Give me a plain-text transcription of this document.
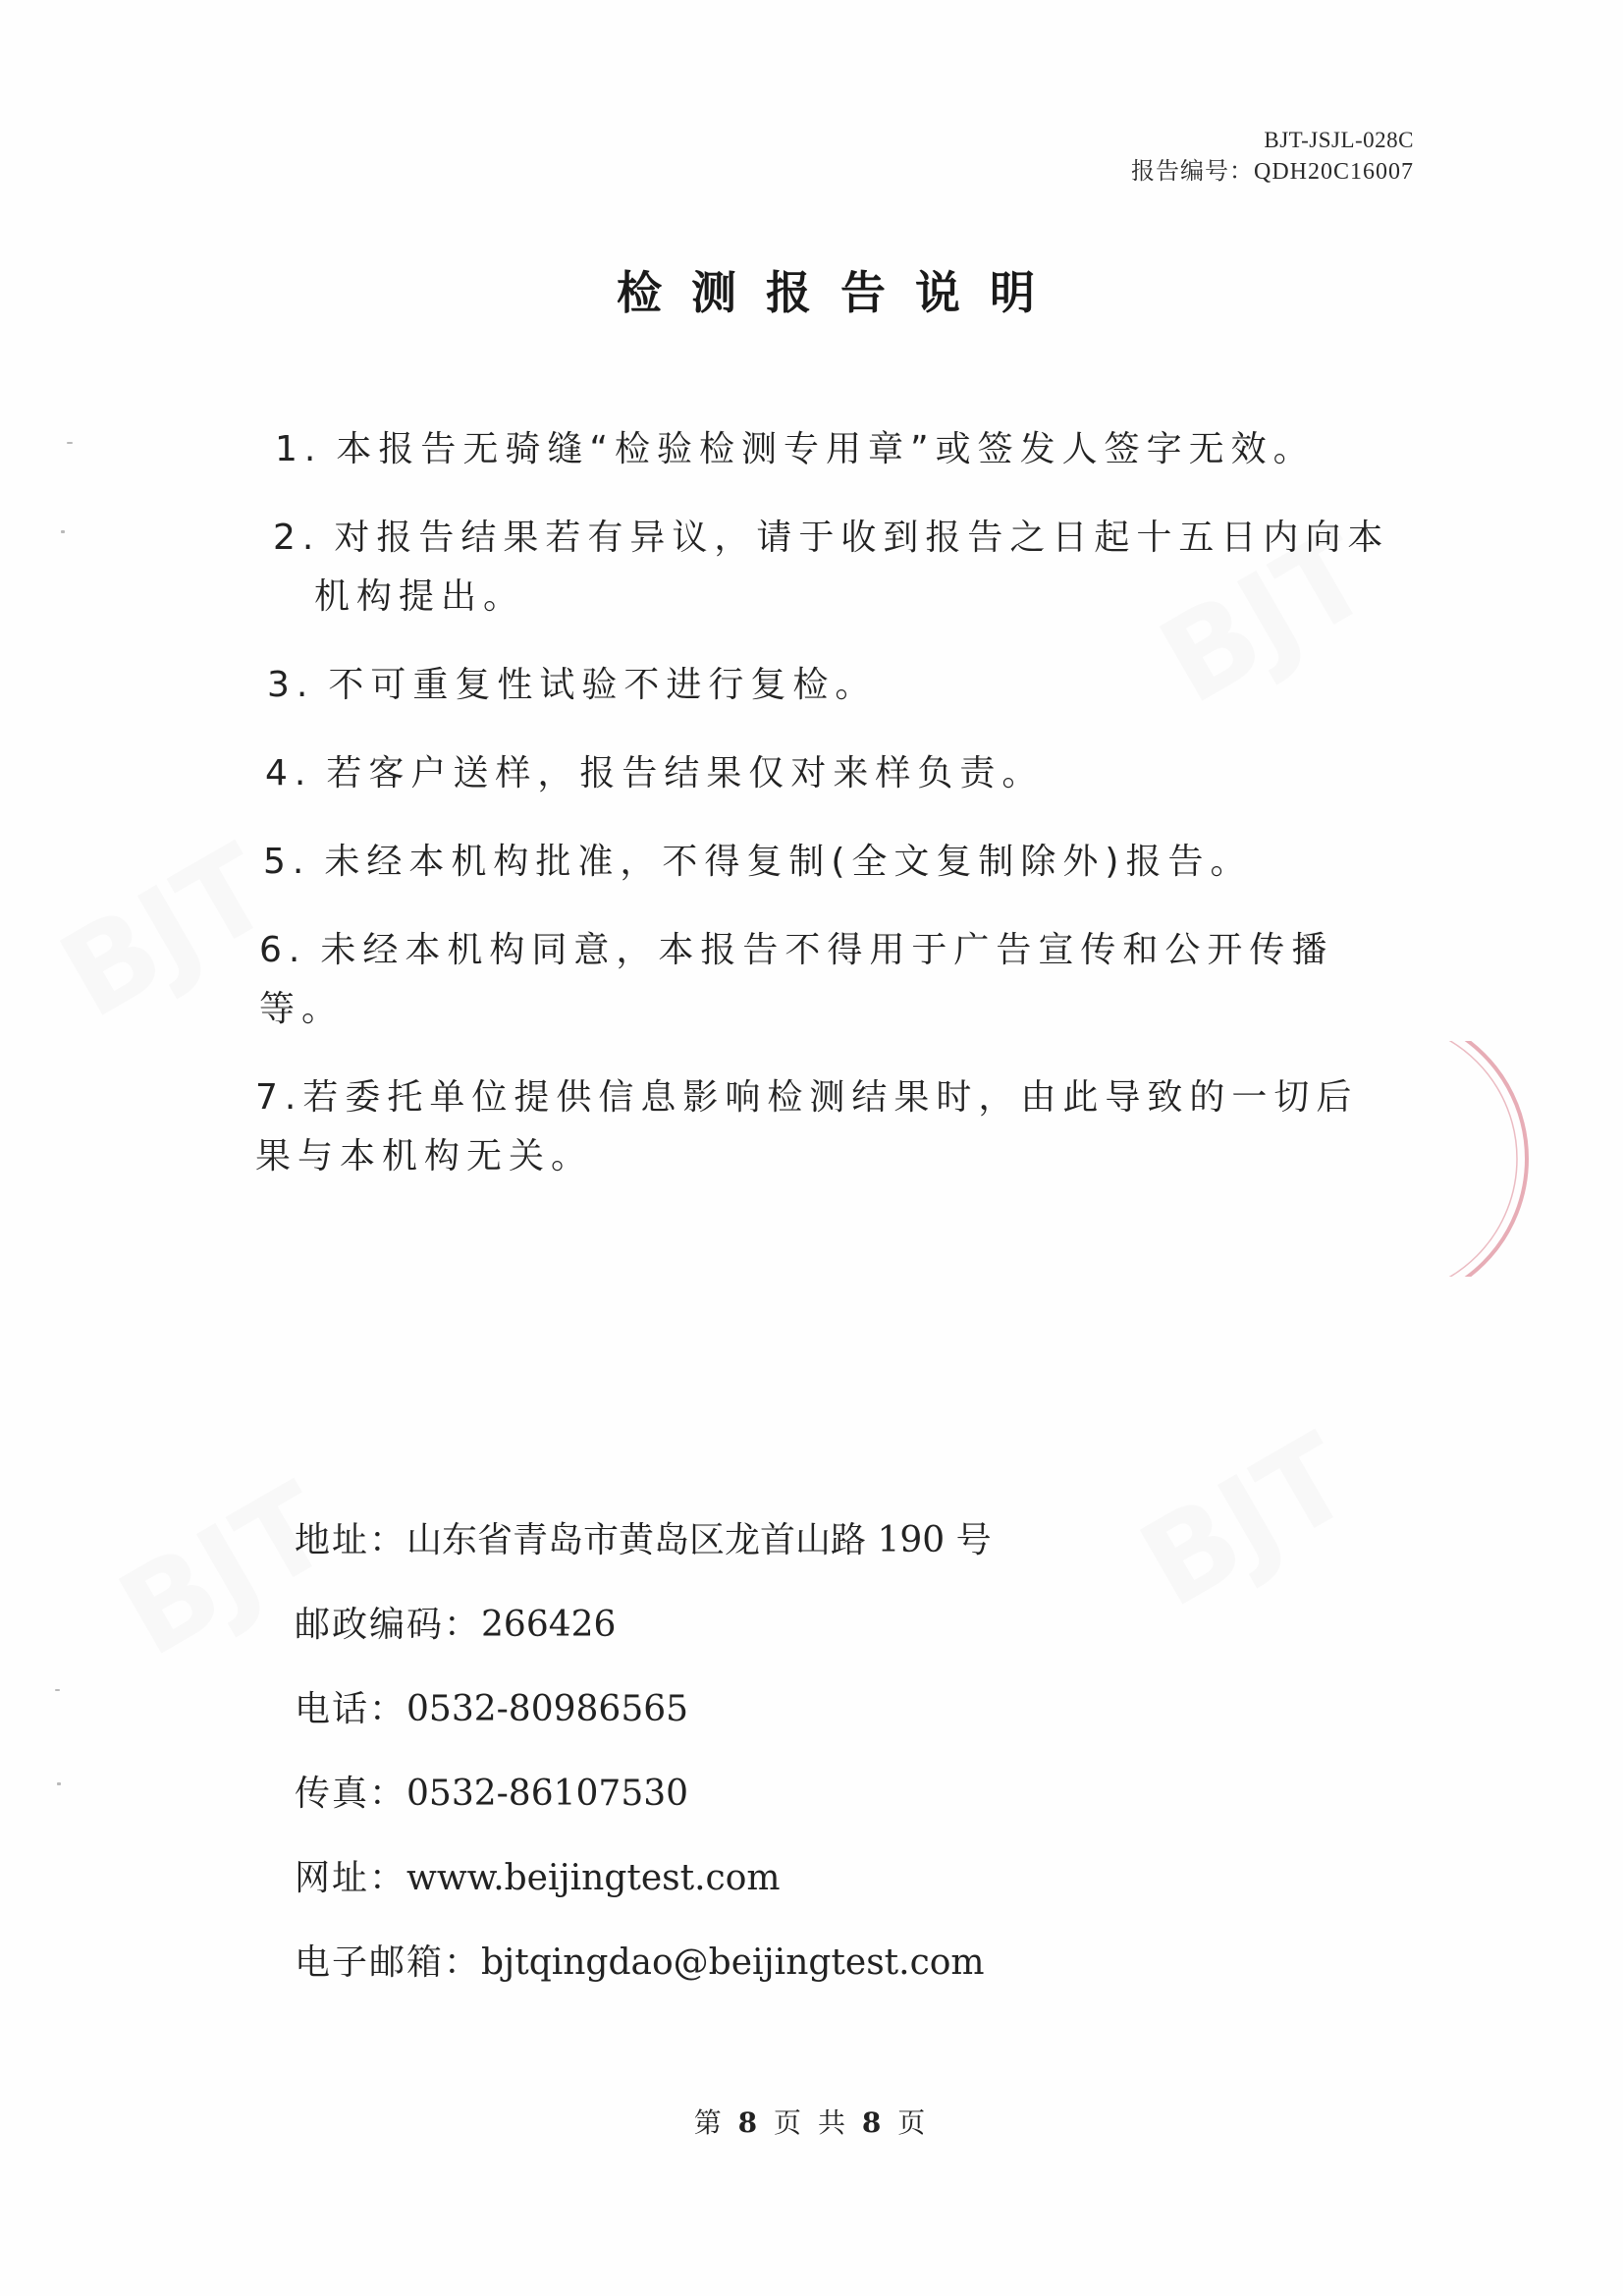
BJT-JSJL-028C
报告编号： QDH20C16007
检测报告说明
1. 本报告无骑缝“检验检测专用章”或签发人签字无效。
2. 对报告结果若有异议，请于收到报告之日起十五日内向本
机构提出。
3. 不可重复性试验不进行复检。
4. 若客户送样，报告结果仅对来样负责。
5. 未经本机构批准，不得复制(全文复制除外)报告。
6. 未经本机构同意，本报告不得用于广告宣传和公开传播
等。
7.若委托单位提供信息影响检测结果时，由此导致的一切后
果与本机构无关。
地址：山东省青岛市黄岛区龙首山路 190 号
邮政编码：266426
电话：0532-80986565
传真：0532-86107530
网址：www.beijingtest.com
电子邮箱：bjtqingdao@beijingtest.com
第 8 页 共 8 页
